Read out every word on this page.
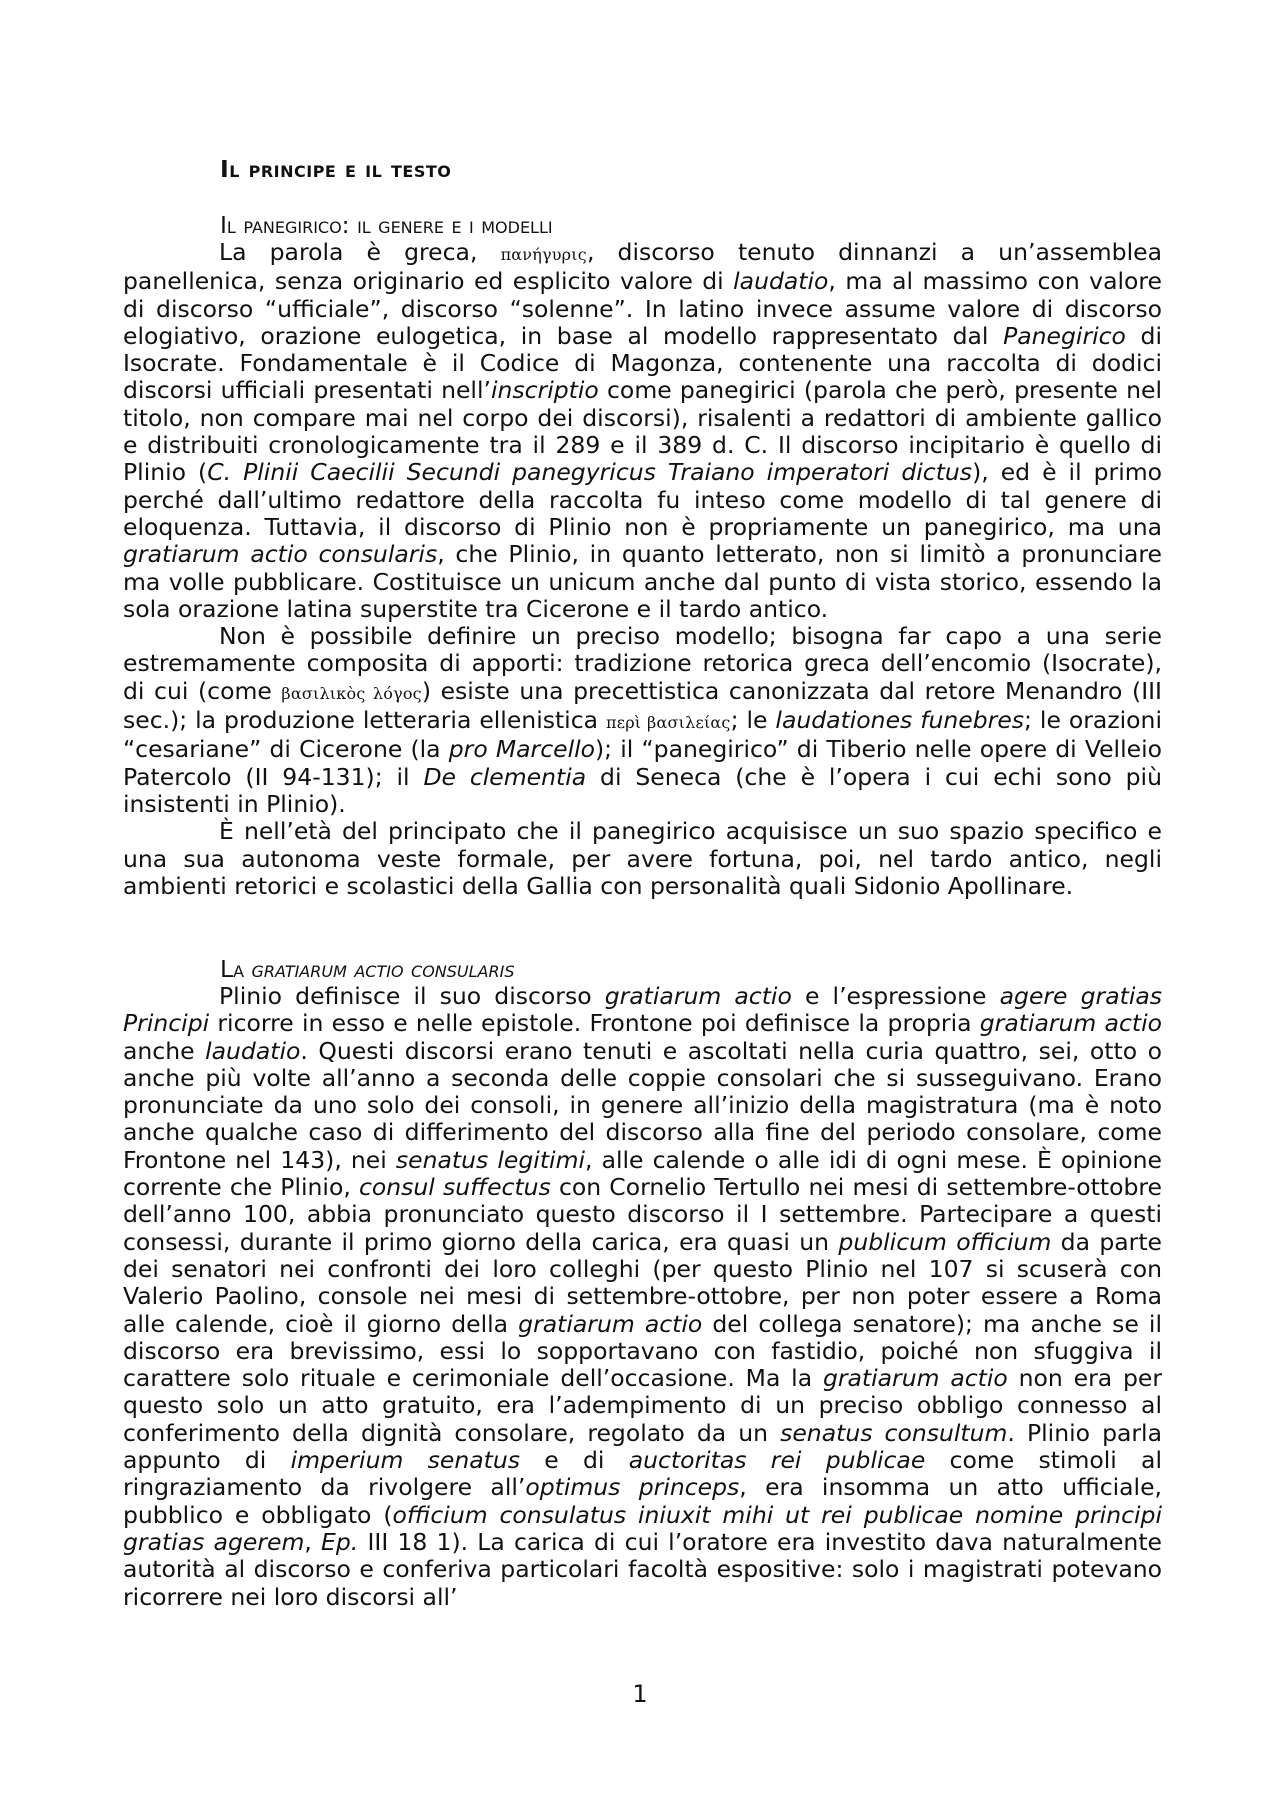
Il principe e il testo
Il panegirico: il genere e i modelli

La parola è greca, πανήγυρις, discorso tenuto dinnanzi a un’assemblea panellenica, senza originario ed esplicito valore di laudatio, ma al massimo con valore di discorso “ufficiale”, discorso “solenne”. In latino invece assume valore di discorso elogiativo, orazione eulogetica, in base al modello rappresentato dal Panegirico di Isocrate. Fondamentale è il Codice di Magonza, contenente una raccolta di dodici discorsi ufficiali presentati nell’inscriptio come panegirici (parola che però, presente nel titolo, non compare mai nel corpo dei discorsi), risalenti a redattori di ambiente gallico e distribuiti cronologicamente tra il 289 e il 389 d. C. Il discorso incipitario è quello di Plinio (C. Plinii Caecilii Secundi panegyricus Traiano imperatori dictus), ed è il primo perché dall’ultimo redattore della raccolta fu inteso come modello di tal genere di eloquenza. Tuttavia, il discorso di Plinio non è propriamente un panegirico, ma una gratiarum actio consularis, che Plinio, in quanto letterato, non si limitò a pronunciare ma volle pubblicare. Costituisce un unicum anche dal punto di vista storico, essendo la sola orazione latina superstite tra Cicerone e il tardo antico.

Non è possibile definire un preciso modello; bisogna far capo a una serie estremamente composita di apporti: tradizione retorica greca dell’encomio (Isocrate), di cui (come βασιλικὸς λόγος) esiste una precettistica canonizzata dal retore Menandro (III sec.); la produzione letteraria ellenistica περὶ βασιλείας; le laudationes funebres; le orazioni “cesariane” di Cicerone (la pro Marcello); il “panegirico” di Tiberio nelle opere di Velleio Patercolo (II 94-131); il De clementia di Seneca (che è l’opera i cui echi sono più insistenti in Plinio).

È nell’età del principato che il panegirico acquisisce un suo spazio specifico e una sua autonoma veste formale, per avere fortuna, poi, nel tardo antico, negli ambienti retorici e scolastici della Gallia con personalità quali Sidonio Apollinare.

La gratiarum actio consularis

Plinio definisce il suo discorso gratiarum actio e l’espressione agere gratias Principi ricorre in esso e nelle epistole. Frontone poi definisce la propria gratiarum actio anche laudatio. Questi discorsi erano tenuti e ascoltati nella curia quattro, sei, otto o anche più volte all’anno a seconda delle coppie consolari che si susseguivano. Erano pronunciate da uno solo dei consoli, in genere all’inizio della magistratura (ma è noto anche qualche caso di differimento del discorso alla fine del periodo consolare, come Frontone nel 143), nei senatus legitimi, alle calende o alle idi di ogni mese. È opinione corrente che Plinio, consul suffectus con Cornelio Tertullo nei mesi di settembre-ottobre dell’anno 100, abbia pronunciato questo discorso il I settembre. Partecipare a questi consessi, durante il primo giorno della carica, era quasi un publicum officium da parte dei senatori nei confronti dei loro colleghi (per questo Plinio nel 107 si scuserà con Valerio Paolino, console nei mesi di settembre-ottobre, per non poter essere a Roma alle calende, cioè il giorno della gratiarum actio del collega senatore); ma anche se il discorso era brevissimo, essi lo sopportavano con fastidio, poiché non sfuggiva il carattere solo rituale e cerimoniale dell’occasione. Ma la gratiarum actio non era per questo solo un atto gratuito, era l’adempimento di un preciso obbligo connesso al conferimento della dignità consolare, regolato da un senatus consultum. Plinio parla appunto di imperium senatus e di auctoritas rei publicae come stimoli al ringraziamento da rivolgere all’optimus princeps, era insomma un atto ufficiale, pubblico e obbligato (officium consulatus iniuxit mihi ut rei publicae nomine principi gratias agerem, Ep. III 18 1). La carica di cui l’oratore era investito dava naturalmente autorità al discorso e conferiva particolari facoltà espositive: solo i magistrati potevano ricorrere nei loro discorsi all’

1
